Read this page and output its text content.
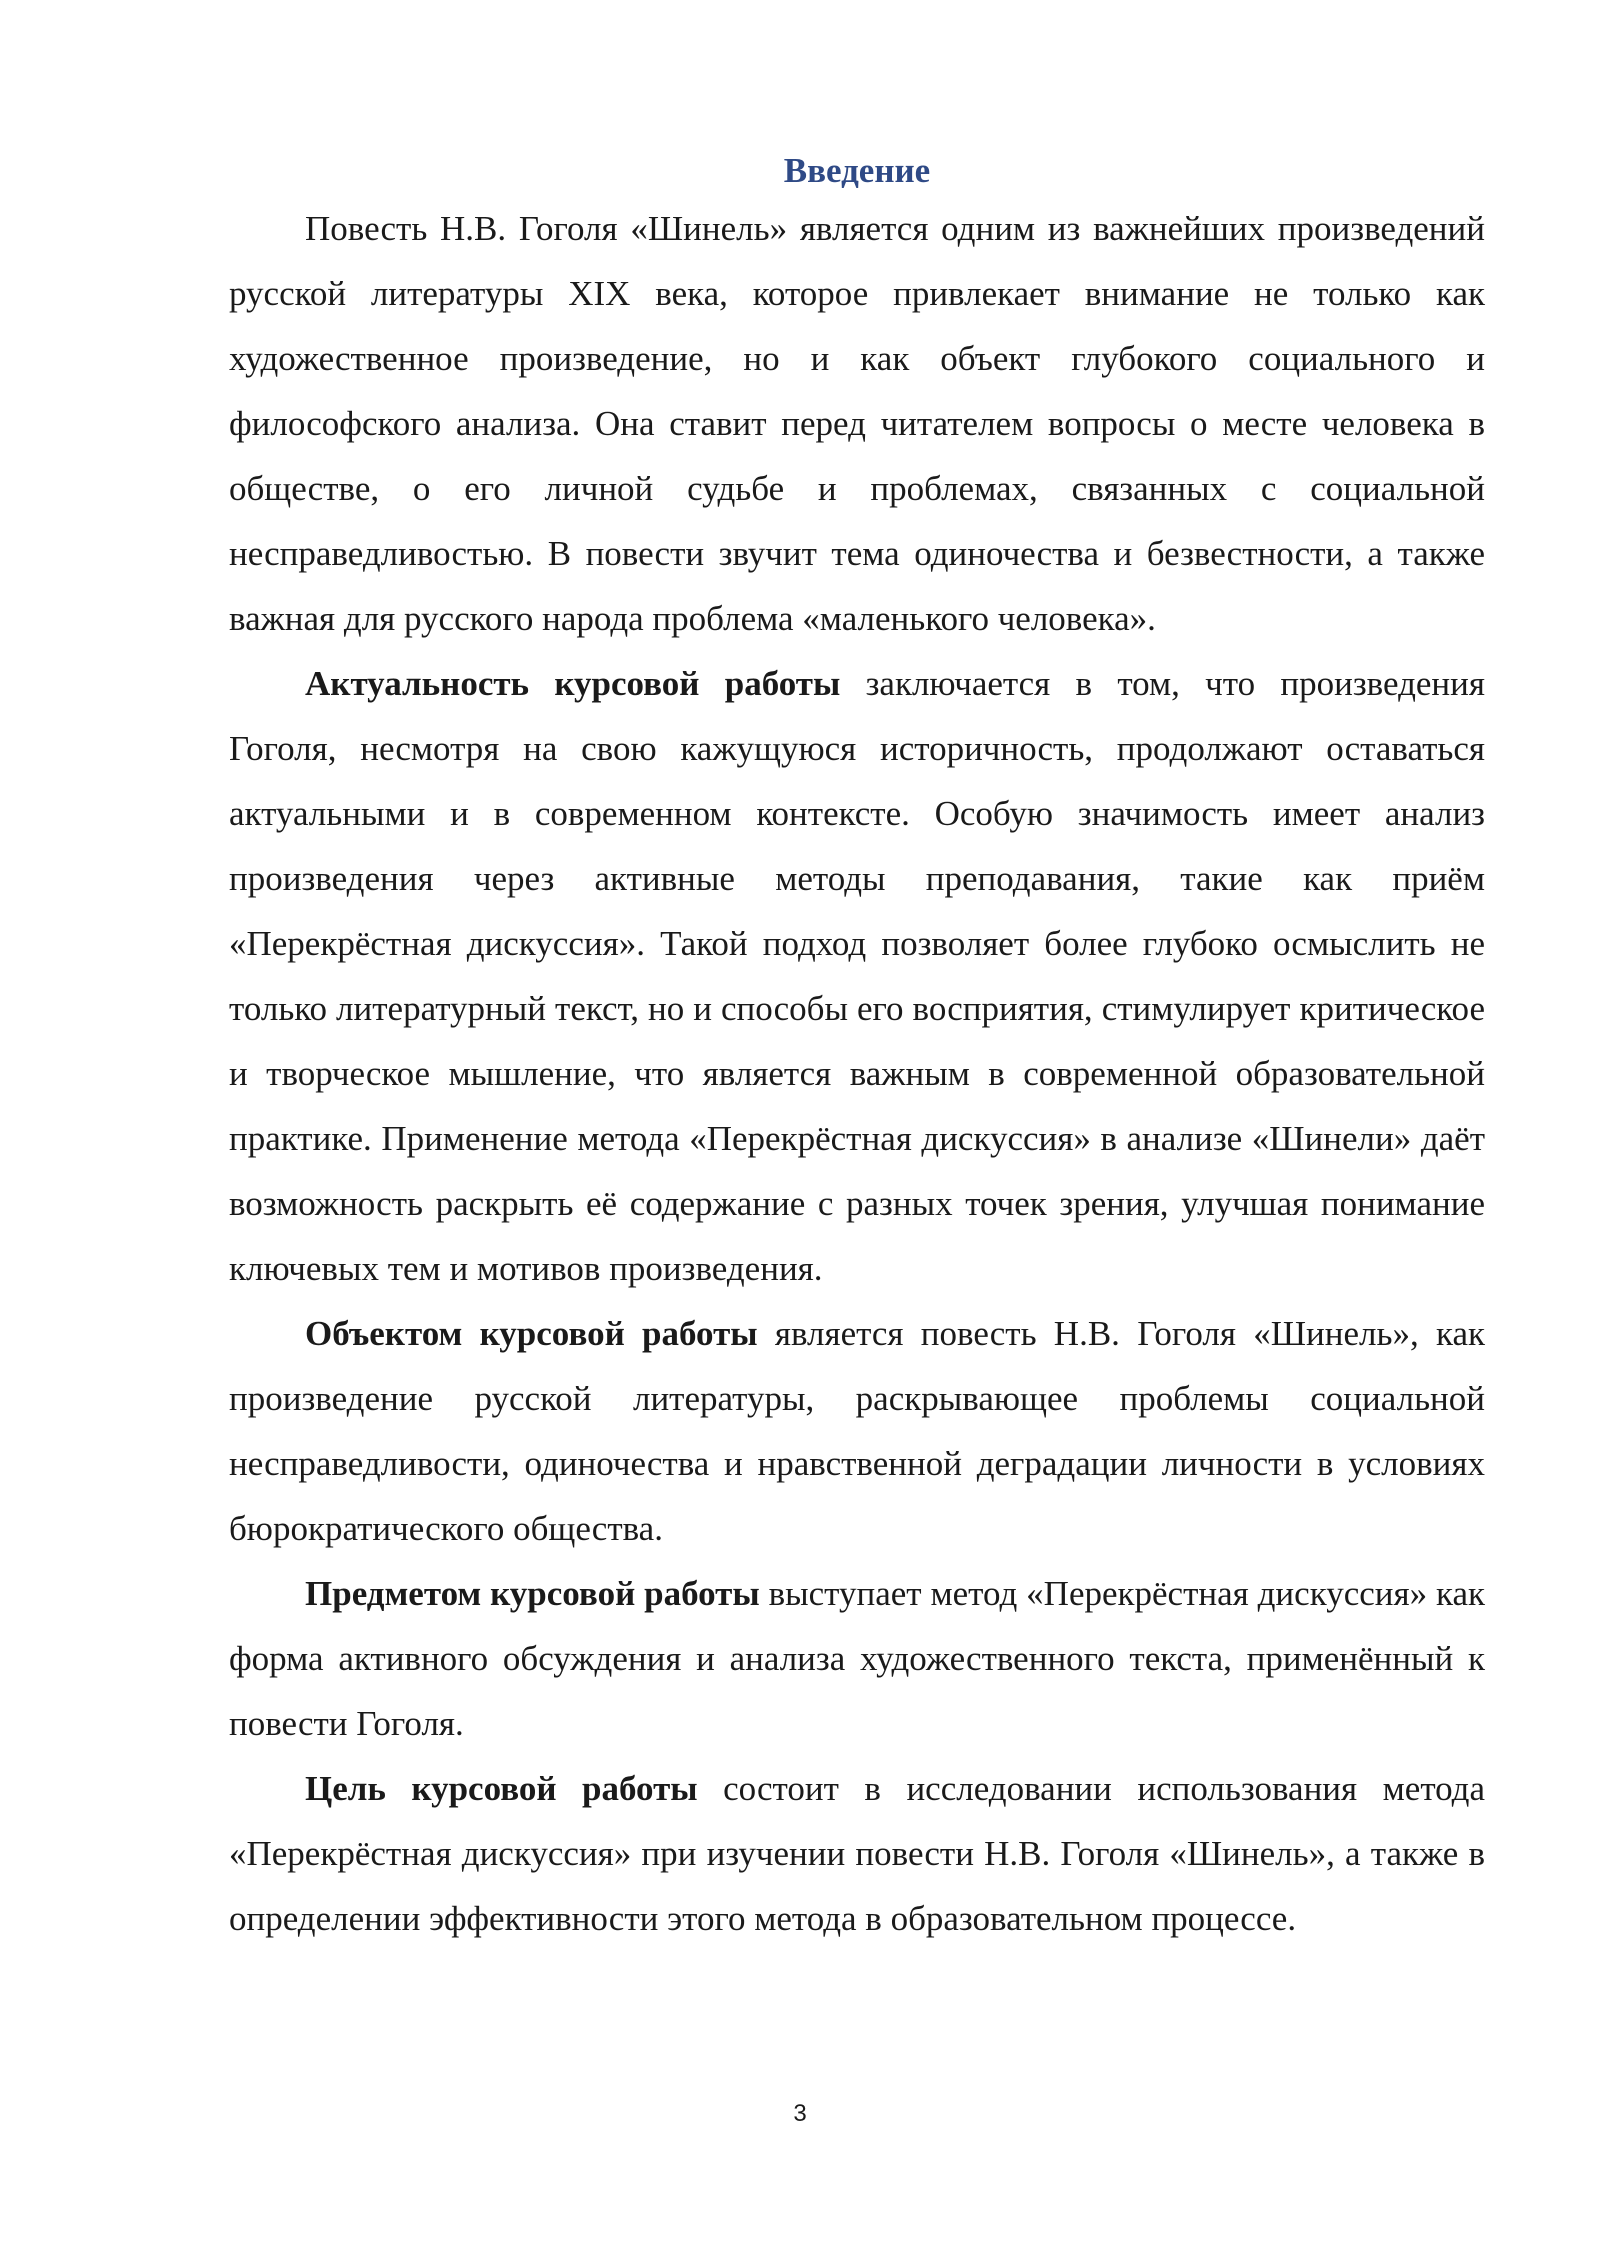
Введение

Повесть Н.В. Гоголя «Шинель» является одним из важнейших произведений русской литературы XIX века, которое привлекает внимание не только как художественное произведение, но и как объект глубокого социального и философского анализа. Она ставит перед читателем вопросы о месте человека в обществе, о его личной судьбе и проблемах, связанных с социальной несправедливостью. В повести звучит тема одиночества и безвестности, а также важная для русского народа проблема «маленького человека».

Актуальность курсовой работы заключается в том, что произведения Гоголя, несмотря на свою кажущуюся историчность, продолжают оставаться актуальными и в современном контексте. Особую значимость имеет анализ произведения через активные методы преподавания, такие как приём «Перекрёстная дискуссия». Такой подход позволяет более глубоко осмыслить не только литературный текст, но и способы его восприятия, стимулирует критическое и творческое мышление, что является важным в современной образовательной практике. Применение метода «Перекрёстная дискуссия» в анализе «Шинели» даёт возможность раскрыть её содержание с разных точек зрения, улучшая понимание ключевых тем и мотивов произведения.

Объектом курсовой работы является повесть Н.В. Гоголя «Шинель», как произведение русской литературы, раскрывающее проблемы социальной несправедливости, одиночества и нравственной деградации личности в условиях бюрократического общества.

Предметом курсовой работы выступает метод «Перекрёстная дискуссия» как форма активного обсуждения и анализа художественного текста, применённый к повести Гоголя.

Цель курсовой работы состоит в исследовании использования метода «Перекрёстная дискуссия» при изучении повести Н.В. Гоголя «Шинель», а также в определении эффективности этого метода в образовательном процессе.

3
